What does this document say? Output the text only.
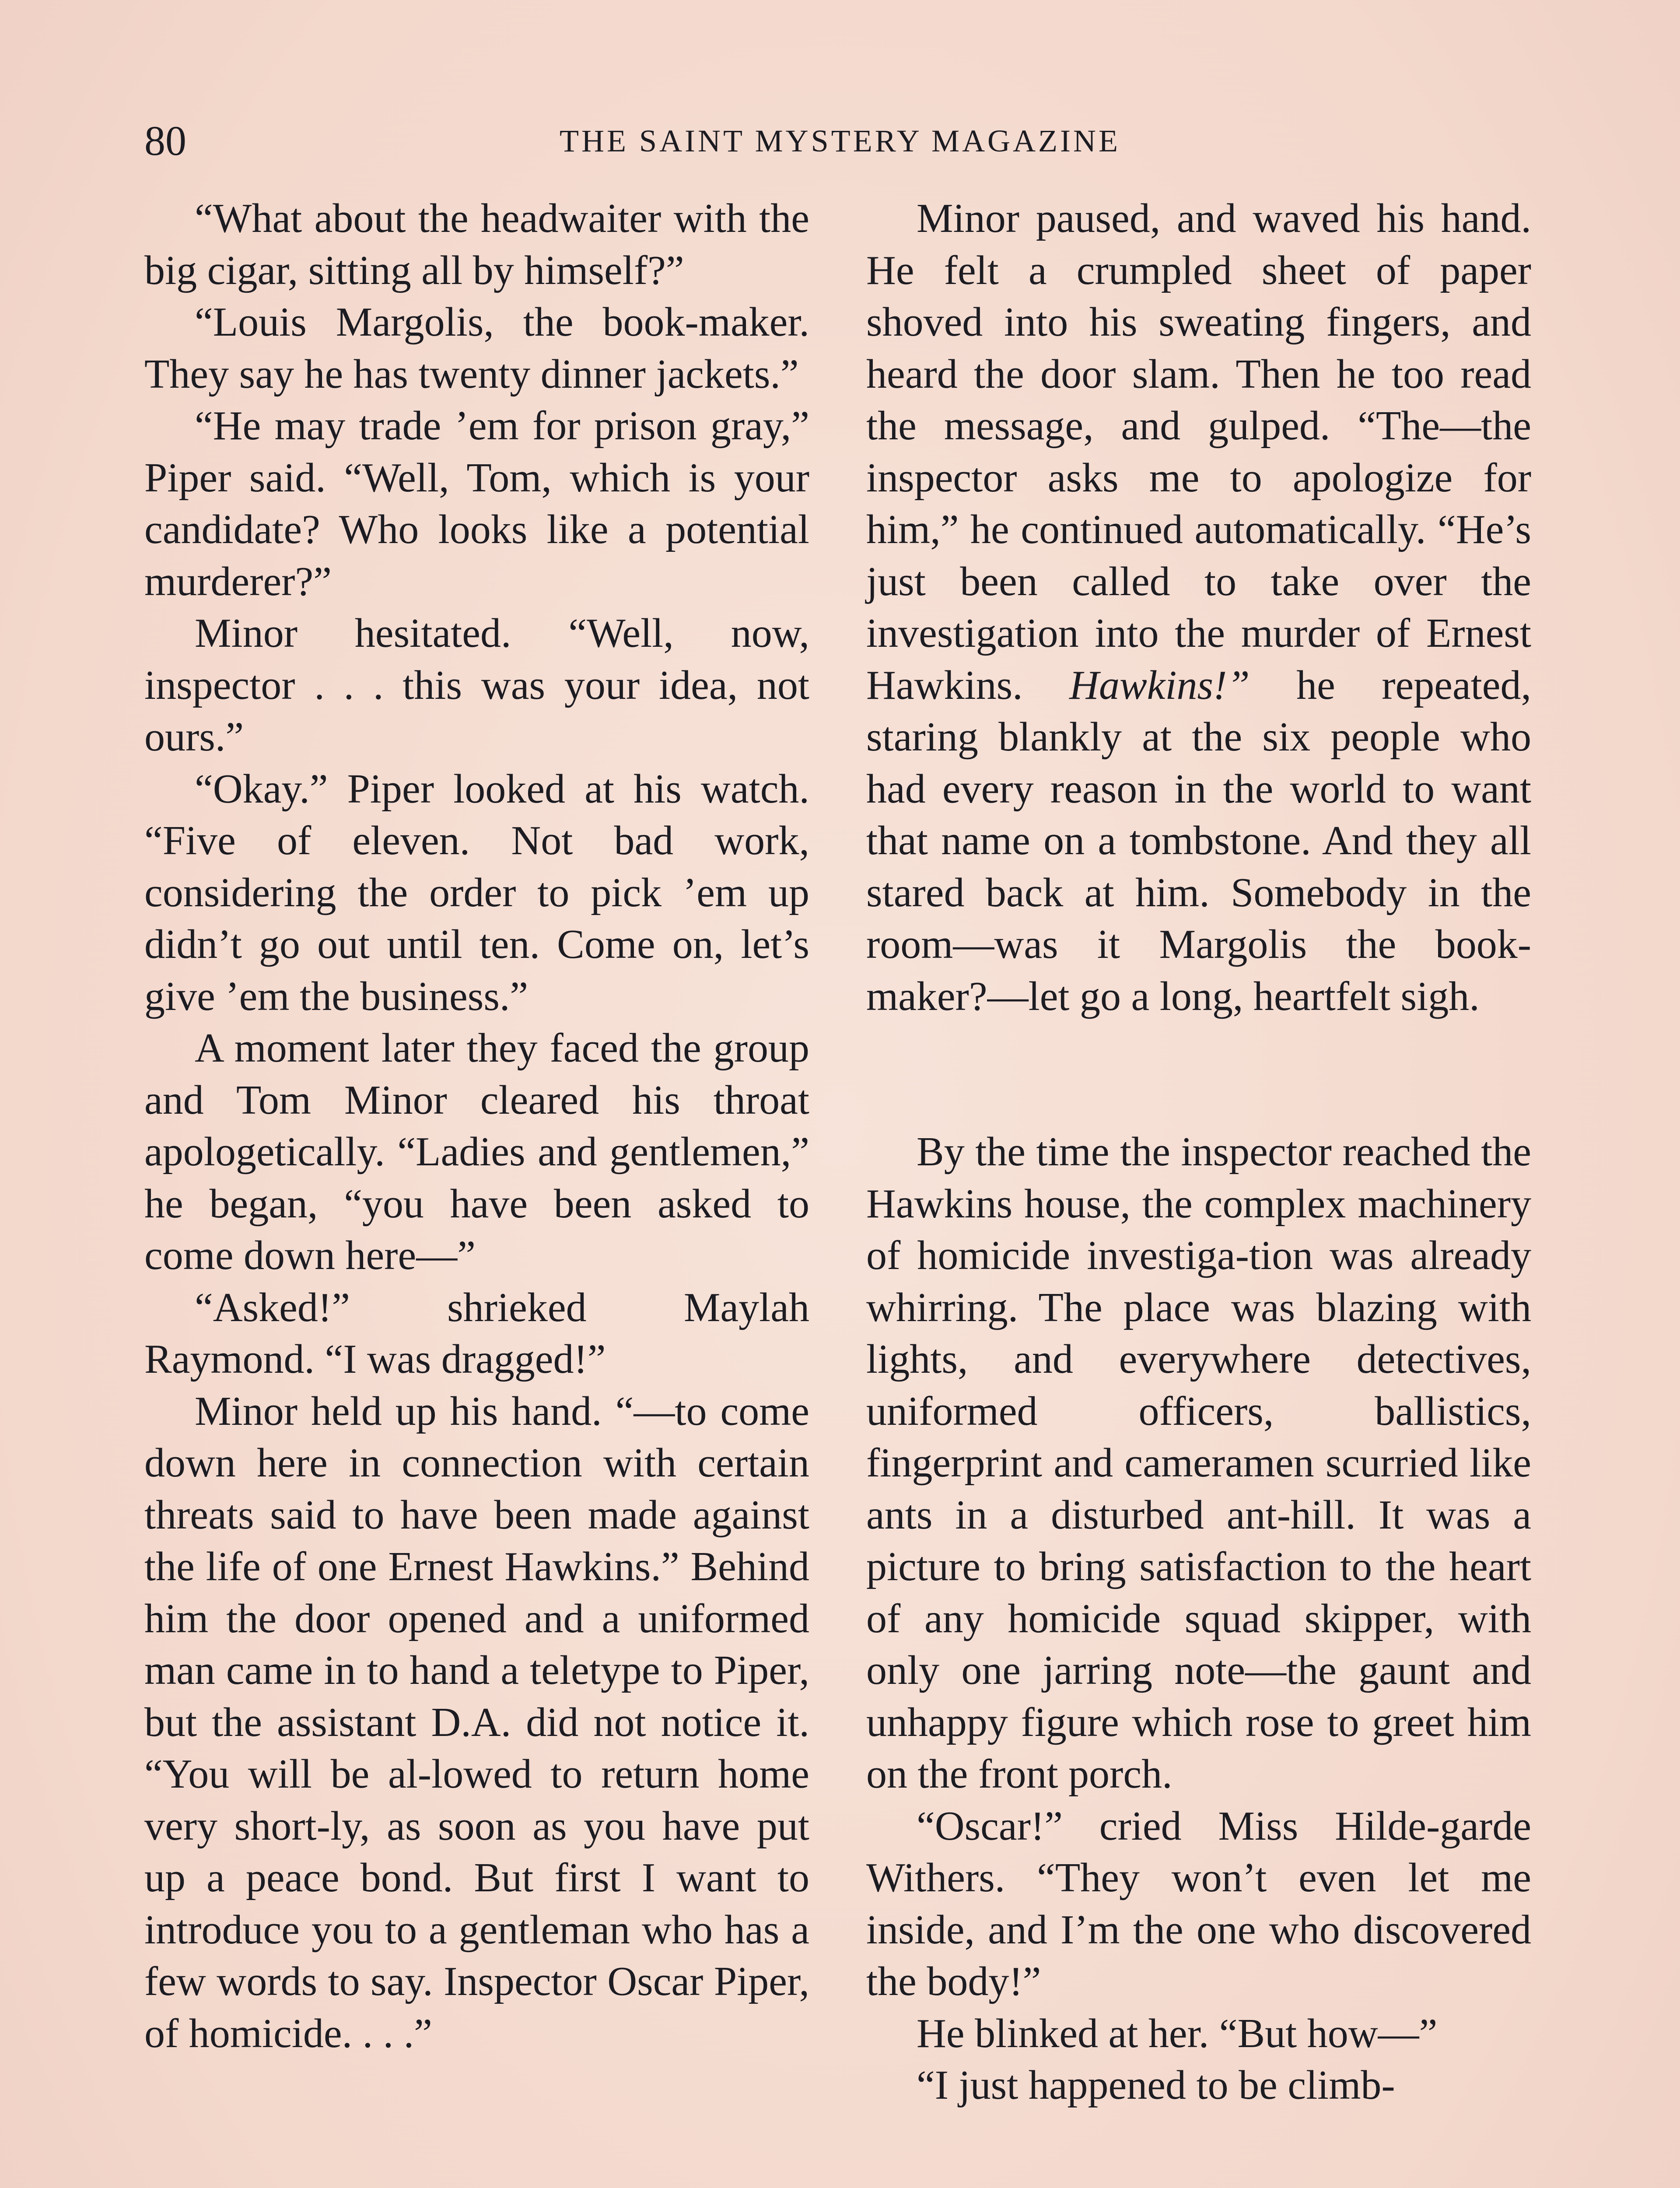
80	THE SAINT MYSTERY MAGAZINE

“What about the headwaiter with the big cigar, sitting all by himself?”

“Louis Margolis, the book-maker. They say he has twenty dinner jackets.”

“He may trade ’em for prison gray,” Piper said. “Well, Tom, which is your candidate? Who looks like a potential murderer?”

Minor hesitated. “Well, now, inspector . . . this was your idea, not ours.”

“Okay.” Piper looked at his watch. “Five of eleven. Not bad work, considering the order to pick ’em up didn’t go out until ten. Come on, let’s give ’em the business.”

A moment later they faced the group and Tom Minor cleared his throat apologetically. “Ladies and gentlemen,” he began, “you have been asked to come down here—”

“Asked!” shrieked Maylah Raymond. “I was dragged!”

Minor held up his hand. “—to come down here in connection with certain threats said to have been made against the life of one Ernest Hawkins.” Behind him the door opened and a uniformed man came in to hand a teletype to Piper, but the assistant D.A. did not notice it. “You will be al-lowed to return home very short-ly, as soon as you have put up a peace bond. But first I want to introduce you to a gentleman who has a few words to say. Inspector Oscar Piper, of homicide. . . .”

Minor paused, and waved his hand. He felt a crumpled sheet of paper shoved into his sweating fingers, and heard the door slam. Then he too read the message, and gulped. “The—the inspector asks me to apologize for him,” he continued automatically. “He’s just been called to take over the investigation into the murder of Ernest Hawkins. Hawkins!” he repeated, staring blankly at the six people who had every reason in the world to want that name on a tombstone. And they all stared back at him. Somebody in the room—was it Margolis the book-maker?—let go a long, heartfelt sigh.

By the time the inspector reached the Hawkins house, the complex machinery of homicide investiga-tion was already whirring. The place was blazing with lights, and everywhere detectives, uniformed officers, ballistics, fingerprint and cameramen scurried like ants in a disturbed ant-hill. It was a picture to bring satisfaction to the heart of any homicide squad skipper, with only one jarring note—the gaunt and unhappy figure which rose to greet him on the front porch.

“Oscar!” cried Miss Hilde-garde Withers. “They won’t even let me inside, and I’m the one who discovered the body!”

He blinked at her. “But how—”

“I just happened to be climb-
